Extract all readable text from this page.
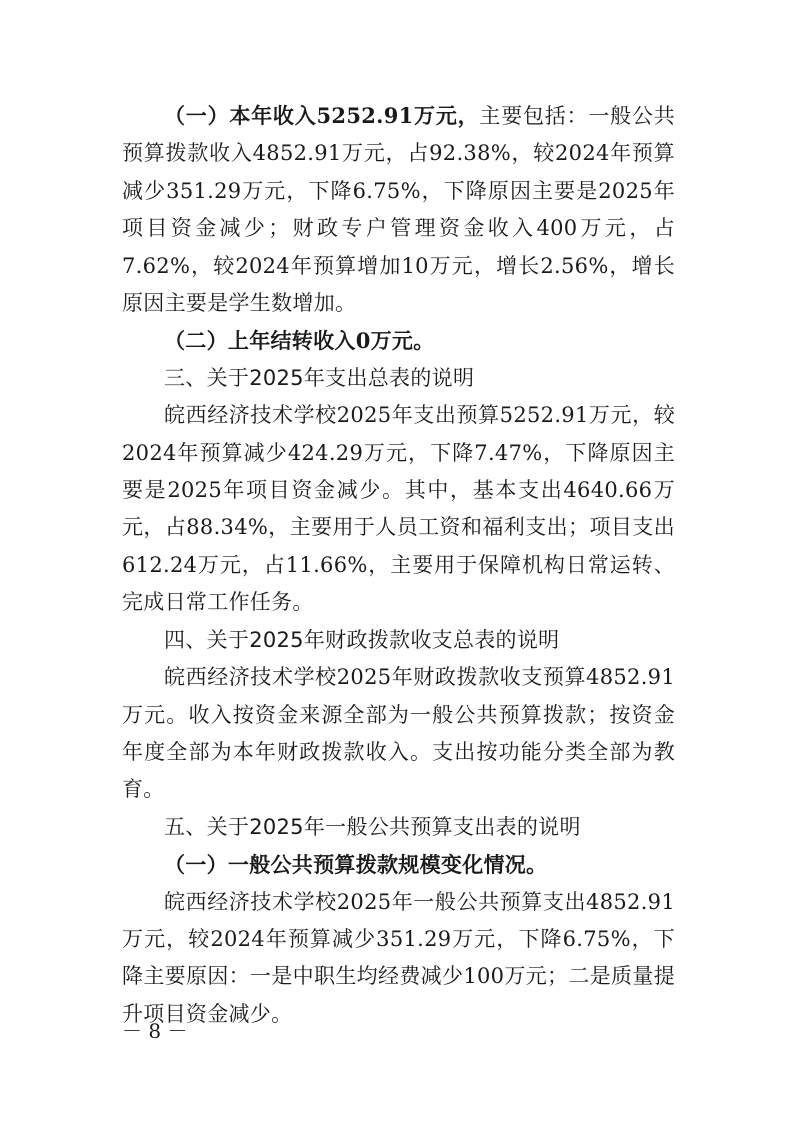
（一）本年收入5252.91万元，主要包括：一般公共预算拨款收入4852.91万元，占92.38%，较2024年预算减少351.29万元，下降6.75%，下降原因主要是2025年项目资金减少；财政专户管理资金收入400万元，占7.62%，较2024年预算增加10万元，增长2.56%，增长原因主要是学生数增加。

（二）上年结转收入0万元。

三、关于2025年支出总表的说明

皖西经济技术学校2025年支出预算5252.91万元，较2024年预算减少424.29万元，下降7.47%，下降原因主要是2025年项目资金减少。其中，基本支出4640.66万元，占88.34%，主要用于人员工资和福利支出；项目支出612.24万元，占11.66%，主要用于保障机构日常运转、完成日常工作任务。

四、关于2025年财政拨款收支总表的说明

皖西经济技术学校2025年财政拨款收支预算4852.91万元。收入按资金来源全部为一般公共预算拨款；按资金年度全部为本年财政拨款收入。支出按功能分类全部为教育。

五、关于2025年一般公共预算支出表的说明

（一）一般公共预算拨款规模变化情况。

皖西经济技术学校2025年一般公共预算支出4852.91万元，较2024年预算减少351.29万元，下降6.75%，下降主要原因：一是中职生均经费减少100万元；二是质量提升项目资金减少。

－ 8 －
